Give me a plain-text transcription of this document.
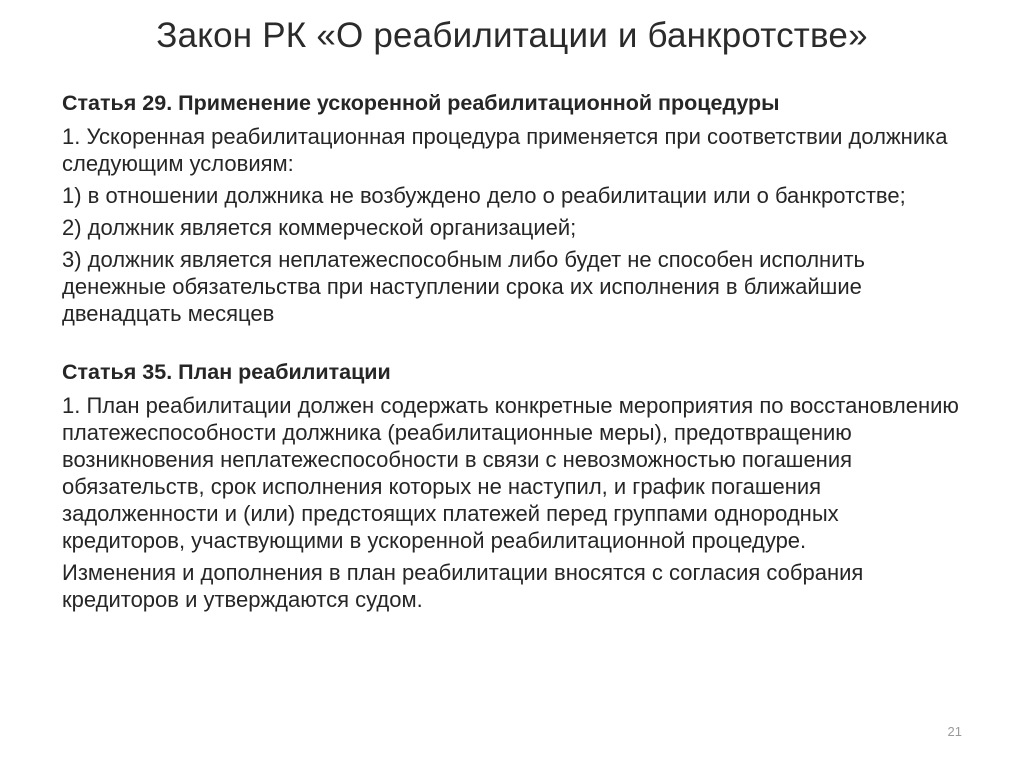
Закон РК «О реабилитации и банкротстве»

Статья 29. Применение ускоренной реабилитационной процедуры

1. Ускоренная реабилитационная процедура применяется при соответствии должника следующим условиям:

1) в отношении должника не возбуждено дело о реабилитации или о банкротстве;

2) должник является коммерческой организацией;

3) должник является неплатежеспособным либо будет не способен исполнить денежные обязательства при наступлении срока их исполнения в ближайшие двенадцать месяцев

Статья 35. План реабилитации

1. План реабилитации должен содержать конкретные мероприятия по восстановлению платежеспособности должника (реабилитационные меры), предотвращению возникновения неплатежеспособности в связи с невозможностью погашения обязательств, срок исполнения которых не наступил, и график погашения задолженности и (или) предстоящих платежей перед группами однородных кредиторов, участвующими в ускоренной реабилитационной процедуре.

Изменения и дополнения в план реабилитации вносятся с согласия собрания кредиторов и утверждаются судом.

21
